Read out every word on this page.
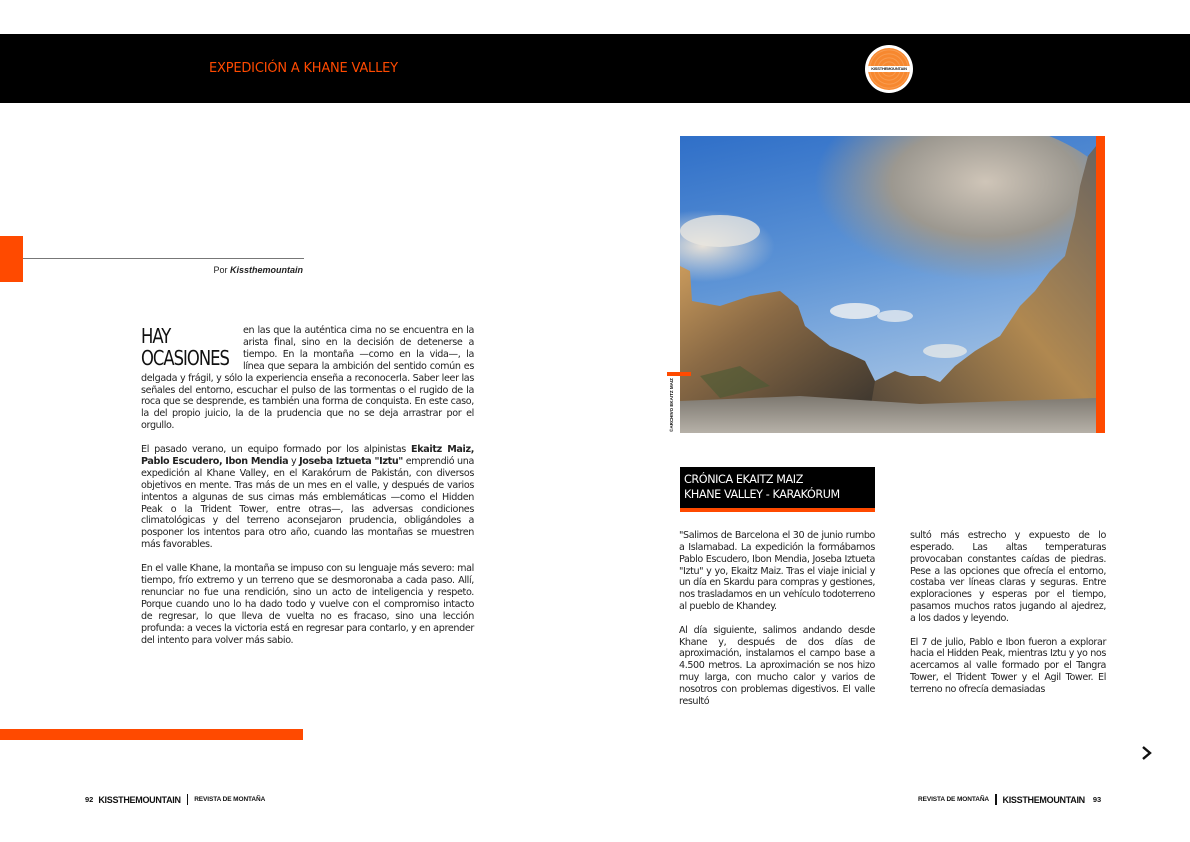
EXPEDICIÓN A KHANE VALLEY	KISSTHEMOUNTAIN
Por Kissthemountain

HAY OCASIONES
en las que la auténtica cima no se encuentra en la arista final, sino en la decisión de detenerse a tiempo. En la montaña —como en la vida—, la línea que separa la ambición del sentido común es delgada y frágil, y sólo la experiencia enseña a reconocerla. Saber leer las señales del entorno, escuchar el pulso de las tormentas o el rugido de la roca que se desprende, es también una forma de conquista. En este caso, la del propio juicio, la de la prudencia que no se deja arrastrar por el orgullo.

El pasado verano, un equipo formado por los alpinistas Ekaitz Maiz, Pablo Escudero, Ibon Mendia y Joseba Iztueta "Iztu" emprendió una expedición al Khane Valley, en el Karakórum de Pakistán, con diversos objetivos en mente. Tras más de un mes en el valle, y después de varios intentos a algunas de sus cimas más emblemáticas —como el Hidden Peak o la Trident Tower, entre otras—, las adversas condiciones climatológicas y del terreno aconsejaron prudencia, obligándoles a posponer los intentos para otro año, cuando las montañas se muestren más favorables.

En el valle Khane, la montaña se impuso con su lenguaje más severo: mal tiempo, frío extremo y un terreno que se desmoronaba a cada paso. Allí, renunciar no fue una rendición, sino un acto de inteligencia y respeto. Porque cuando uno lo ha dado todo y vuelve con el compromiso intacto de regresar, lo que lleva de vuelta no es fracaso, sino una lección profunda: a veces la victoria está en regresar para contarlo, y en aprender del intento para volver más sabio.

©ARCHIVO EKAITZ MAIZ
CRÓNICA EKAITZ MAIZ
KHANE VALLEY - KARAKÓRUM

"Salimos de Barcelona el 30 de junio rumbo a Islamabad. La expedición la formábamos Pablo Escudero, Ibon Mendia, Joseba Iztueta "Iztu" y yo, Ekaitz Maiz. Tras el viaje inicial y un día en Skardu para compras y gestiones, nos trasladamos en un vehículo todoterreno al pueblo de Khandey.

Al día siguiente, salimos andando desde Khane y, después de dos días de aproximación, instalamos el campo base a 4.500 metros. La aproximación se nos hizo muy larga, con mucho calor y varios de nosotros con problemas digestivos. El valle resultó

sultó más estrecho y expuesto de lo esperado. Las altas temperaturas provocaban constantes caídas de piedras. Pese a las opciones que ofrecía el entorno, costaba ver líneas claras y seguras. Entre exploraciones y esperas por el tiempo, pasamos muchos ratos jugando al ajedrez, a los dados y leyendo.

El 7 de julio, Pablo e Ibon fueron a explorar hacia el Hidden Peak, mientras Iztu y yo nos acercamos al valle formado por el Tangra Tower, el Trident Tower y el Agil Tower. El terreno no ofrecía demasiadas

92 KISSTHEMOUNTAIN REVISTA DE MONTAÑA	REVISTA DE MONTAÑA KISSTHEMOUNTAIN 93
